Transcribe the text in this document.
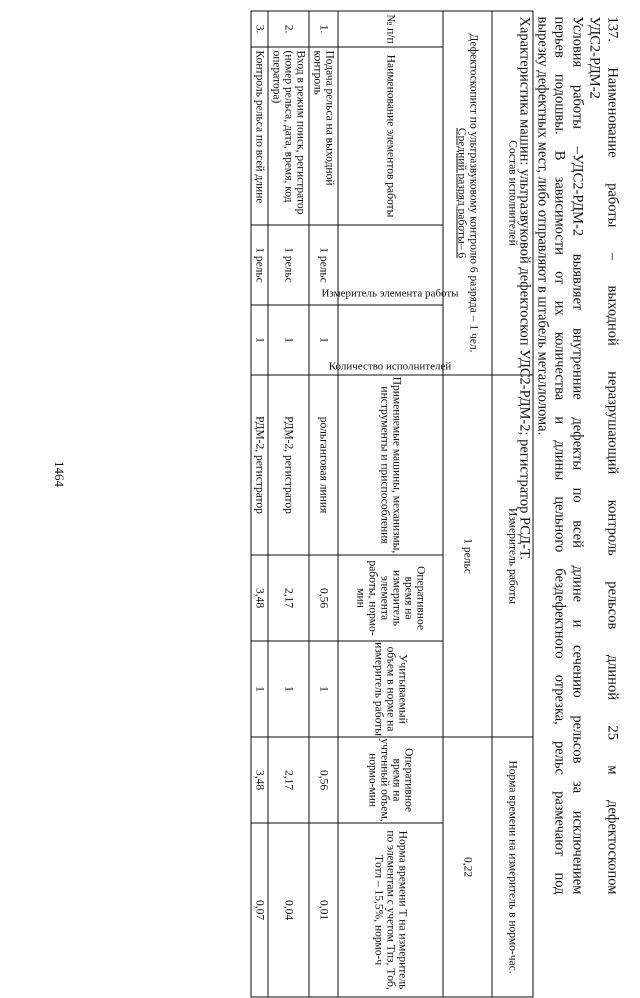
1464
137.
Наименование
работы
–
выходной
неразрушающий
контроль
рельсов
длиной
25
м
дефектоскопом
УДС2-РДМ-2
Условия
работы
–УДС2-РДМ-2
выявляет
внутренние
дефекты
по
всей
длине
и
сечению
рельсов
за
исключением
перьев
подошвы.
В
зависимости
от
их
количества
и
длины
цельного
бездефектного
отрезка,
рельс
размечают
под
вырезку дефектных мест, либо отправляют в штабель металлолома.
Характеристика машин: ультразвуковой дефектоскоп УДС2-РДМ-2; регистратор РСД-Т.
Состав исполнителей				Измеритель работы			Норма времени на измеритель в нормо-час.	

Дефектоскопист по ультразвуковому контролю 6 разряда – 1 чел.
Средний разряд работы– 6				1 рельс			0,22	
№ п/п	Наименование элементов работы	Измеритель элемента работы	Количество исполнителей	Применяемые машины, механизмы, инструменты и приспособления	Оперативное время на измеритель элемента работы, нормо-мин	Учитываемый объем в норме на измеритель работы	Оперативное время на учтенный объем, нормо-мин	Норма времени Т на измеритель по элементам с учетом Tпз, Tоб, Tотл – 15,5%, нормо-ч
1.	Подача рельса на выходной контроль	1 рельс	1	рольганговая линия	0,56	1	0,56	0,01
2.	Вход в режим поиск, регистратор (номер рельса, дата, время, код оператора)	1 рельс	1	РДМ-2, регистратор	2,17	1	2,17	0,04
3.	Контроль рельса по всей длине	1 рельс	1	РДМ-2, регистратор	3,48	1	3,48	0,07
